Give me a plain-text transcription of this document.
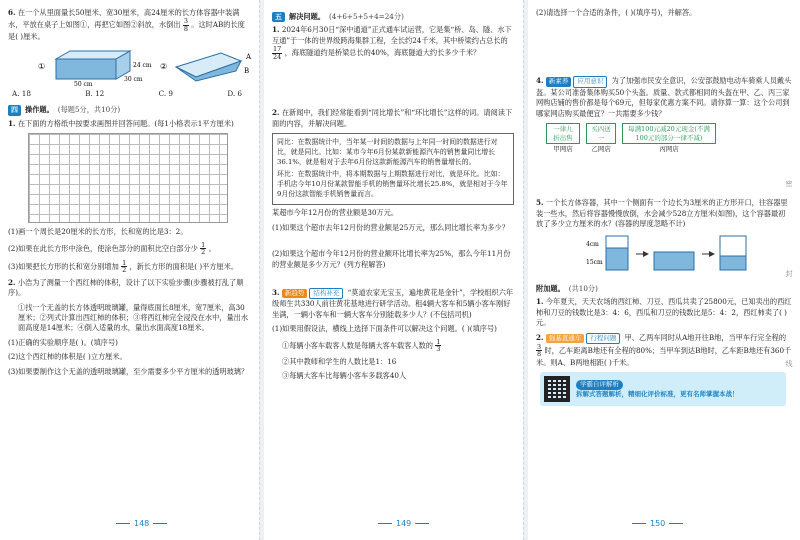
6. 在一个从里面量长50厘米、宽30厘米，高24厘米的长方体容器中装满水，平放在桌子上如图①，再把它如图②斜放，水倒出 $\frac{3}{8}$ 。这时AB的长度是( )厘米。
①	24 cm
30 cm
50 cm
②
A
B
A. 18	B. 12	C. 9	D. 6
四 操作题。 (每题5分，共10分)
1. 在下面的方格纸中按要求画图并回答问题。(每1小格表示1平方厘米)
(1)画一个周长是20厘米的长方形，长和宽的比是3：2。
(2)如果在此长方形中涂色，使涂色部分的面积比空白部分少 $\frac{1}{2}$ 。
(3)如果把长方形的长和宽分别增加 $\frac{1}{2}$ ，新长方形的面积是( )平方厘米。
2. 小浩为了测量一个西红柿的体积，设计了以下实验步骤(步骤被打乱了顺序)。
①找一个无盖的长方体透明玻璃罐，量得底面长8厘米，宽7厘米，高30厘米；②列式计算出西红柿的体积；③将西红柿完全浸没在水中，量出水面高度是14厘米；④倒入适量的水，量出水面高度18厘米。
(1)正确的实验顺序是( )。(填序号)
(2)这个西红柿的体积是( )立方厘米。
(3)如果要制作这个无盖的透明玻璃罐，至少需要多少平方厘米的透明玻璃？
148
五 解决问题。 (4+6+5+5+4=24分)
1. 2024年6月30日“深中通道”正式通车试运营，它是集“桥、岛、隧、水下互通”于一体的世界级跨海集群工程，全长约24千米，其中桥梁约占总长的
$\frac{17}{24}$ ，海底隧道约是桥梁总长的40%，海底隧道大约长多少千米？
2. 在新闻中，我们经常能看到“同比增长”和“环比增长”这样的词。请阅读下面的内容，并解决问题。

同比：在数据统计中，当年某一时间的数据与上年同一时间的数据进行对比，就是同比。比如：某市今年6月份某款新能源汽车的销售量同比增长36.1%，就是相对于去年6月份这款新能源汽车的销售量增长的。

环比：在数据统计中，将本期数据与上期数据进行对比，就是环比。比如：手机店今年10月份某款智能手机的销售量环比增长25.8%，就是相对于今年9月份这款智能手机销售量而言。

某超市今年12月份的营业额是30万元。
(1)如果这个超市去年12月份的营业额是25万元，那么同比增长率为多少？
(2)如果这个超市今年12月份的营业额环比增长率为25%，那么今年11月份的营业额是多少万元？(列方程解答)
3. 新趋势 结构补充 “莫道农家无宝玉，遍地黄花是金针”，学校组织六年级师生共330人前往黄花基地进行研学活动。租4辆大客车和5辆小客车刚好坐满，一辆小客车和一辆大客车分别能载多少人？(不包括司机)
(1)如果用假设法，横线上选择下面条件可以解决这个问题。( )(填序号)
①每辆小客车载客人数是每辆大客车载客人数的 $\frac{1}{3}$
②其中教师和学生的人数比是1：16
③每辆大客车比每辆小客车多载客40人
149
(2)请选择一个合适的条件，( )(填序号)，并解答。
4. 新素养 应用意识 为了加强市民安全意识，公安部鼓励电动车骑乘人员戴头盔。某公司准备集体购买50个头盔。质量、款式都相同的头盔在甲、乙、丙三家网购店铺的售价都是每个69元，但每家优惠方案不同。请你算一算：这个公司到哪家网店购买最便宜？一共需要多少钱？
一律九折出售
甲网店
买四送一
乙网店
每满100元减20元现金(不满100元的部分一律不减)
丙网店
5. 一个长方体容器，其中一个侧面有一个边长为3厘米的正方形开口，往容器里装一些水，然后将容器慢慢放倒，水会减少528立方厘米(如图)，这个容器最初放了多少立方厘米的水？(容器的厚度忽略不计)
4cm
15cm
附加题。 (共10分)
1. 今年夏天，天天农场的西红柿、刀豆、西瓜共卖了25800元，已知卖出的西红柿和刀豆的钱数比是3：4：6，西瓜和刀豆的钱数比是5：4：2，西红柿卖了( )元。
2. 强基直通车 行程问题 甲、乙两车同时从A地开往B地，当甲车行完全程的
$\frac{3}{8}$ 时，乙车距离B地还有全程的80%；当甲车到达B地时，乙车距B地还有360千米。则A、B两地相距( )千米。
学霸自评解析
拆解式答题解析，精细化评价标准，更有名师掌握本战！
密
封
线
150
